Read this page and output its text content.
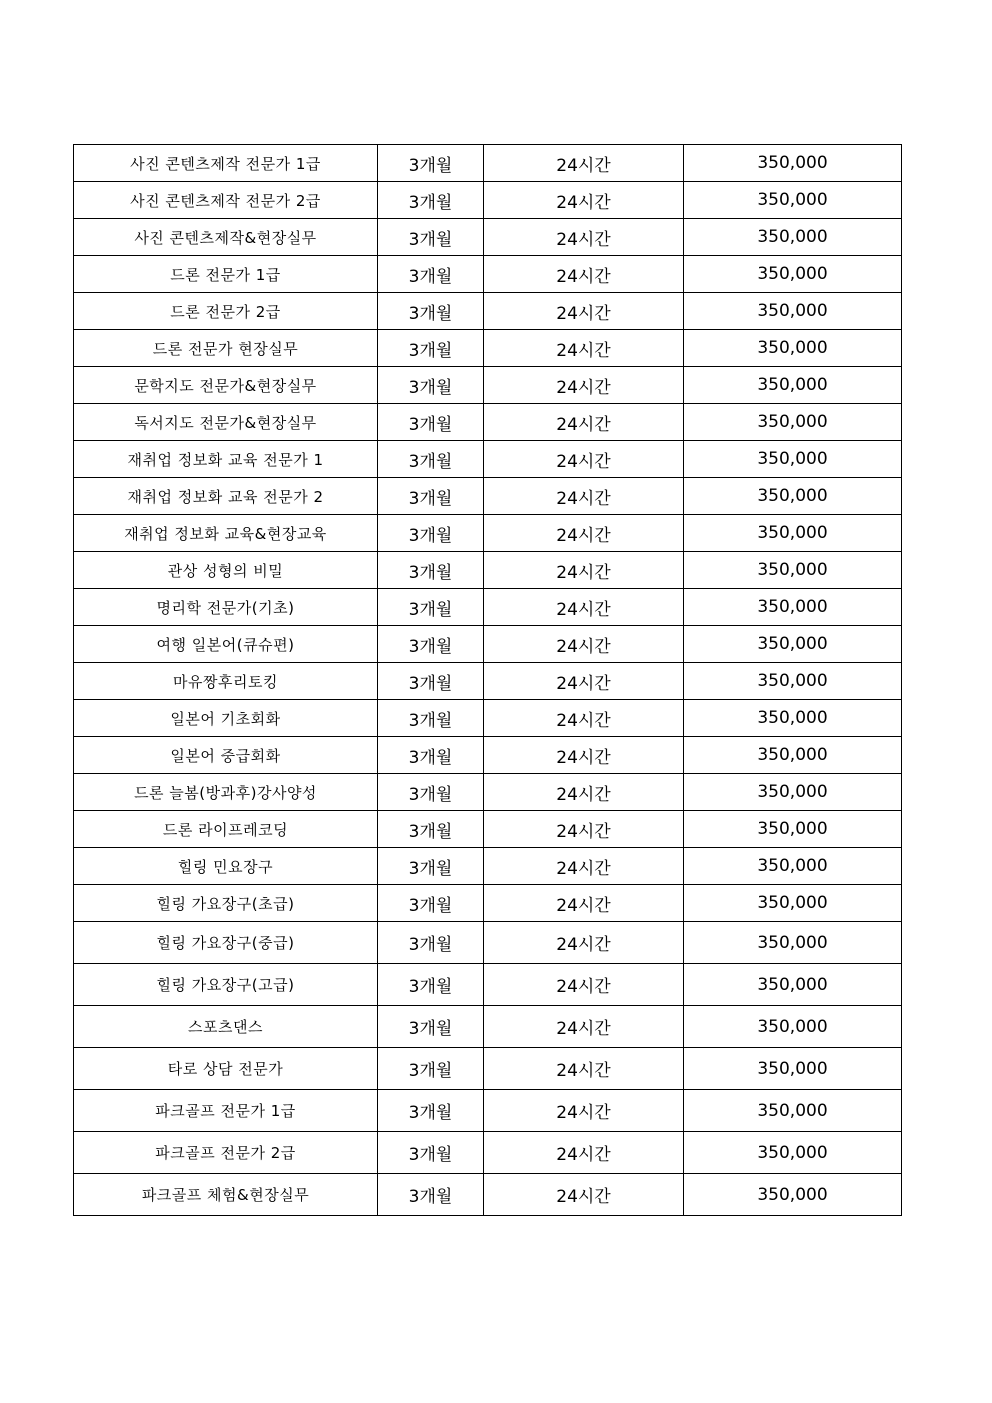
사진 콘텐츠제작 전문가 1급	3개월	24시간	350,000
사진 콘텐츠제작 전문가 2급	3개월	24시간	350,000
사진 콘텐츠제작&현장실무	3개월	24시간	350,000
드론 전문가 1급	3개월	24시간	350,000
드론 전문가 2급	3개월	24시간	350,000
드론 전문가 현장실무	3개월	24시간	350,000
문학지도 전문가&현장실무	3개월	24시간	350,000
독서지도 전문가&현장실무	3개월	24시간	350,000
재취업 정보화 교육 전문가 1	3개월	24시간	350,000
재취업 정보화 교육 전문가 2	3개월	24시간	350,000
재취업 정보화 교육&현장교육	3개월	24시간	350,000
관상 성형의 비밀	3개월	24시간	350,000
명리학 전문가(기초)	3개월	24시간	350,000
여행 일본어(큐슈편)	3개월	24시간	350,000
마유짱후리토킹	3개월	24시간	350,000
일본어 기초회화	3개월	24시간	350,000
일본어 중급회화	3개월	24시간	350,000
드론 늘봄(방과후)강사양성	3개월	24시간	350,000
드론 라이프레코딩	3개월	24시간	350,000
힐링 민요장구	3개월	24시간	350,000
힐링 가요장구(초급)	3개월	24시간	350,000
힐링 가요장구(중급)	3개월	24시간	350,000
힐링 가요장구(고급)	3개월	24시간	350,000
스포츠댄스	3개월	24시간	350,000
타로 상담 전문가	3개월	24시간	350,000
파크골프 전문가 1급	3개월	24시간	350,000
파크골프 전문가 2급	3개월	24시간	350,000
파크골프 체험&현장실무	3개월	24시간	350,000
